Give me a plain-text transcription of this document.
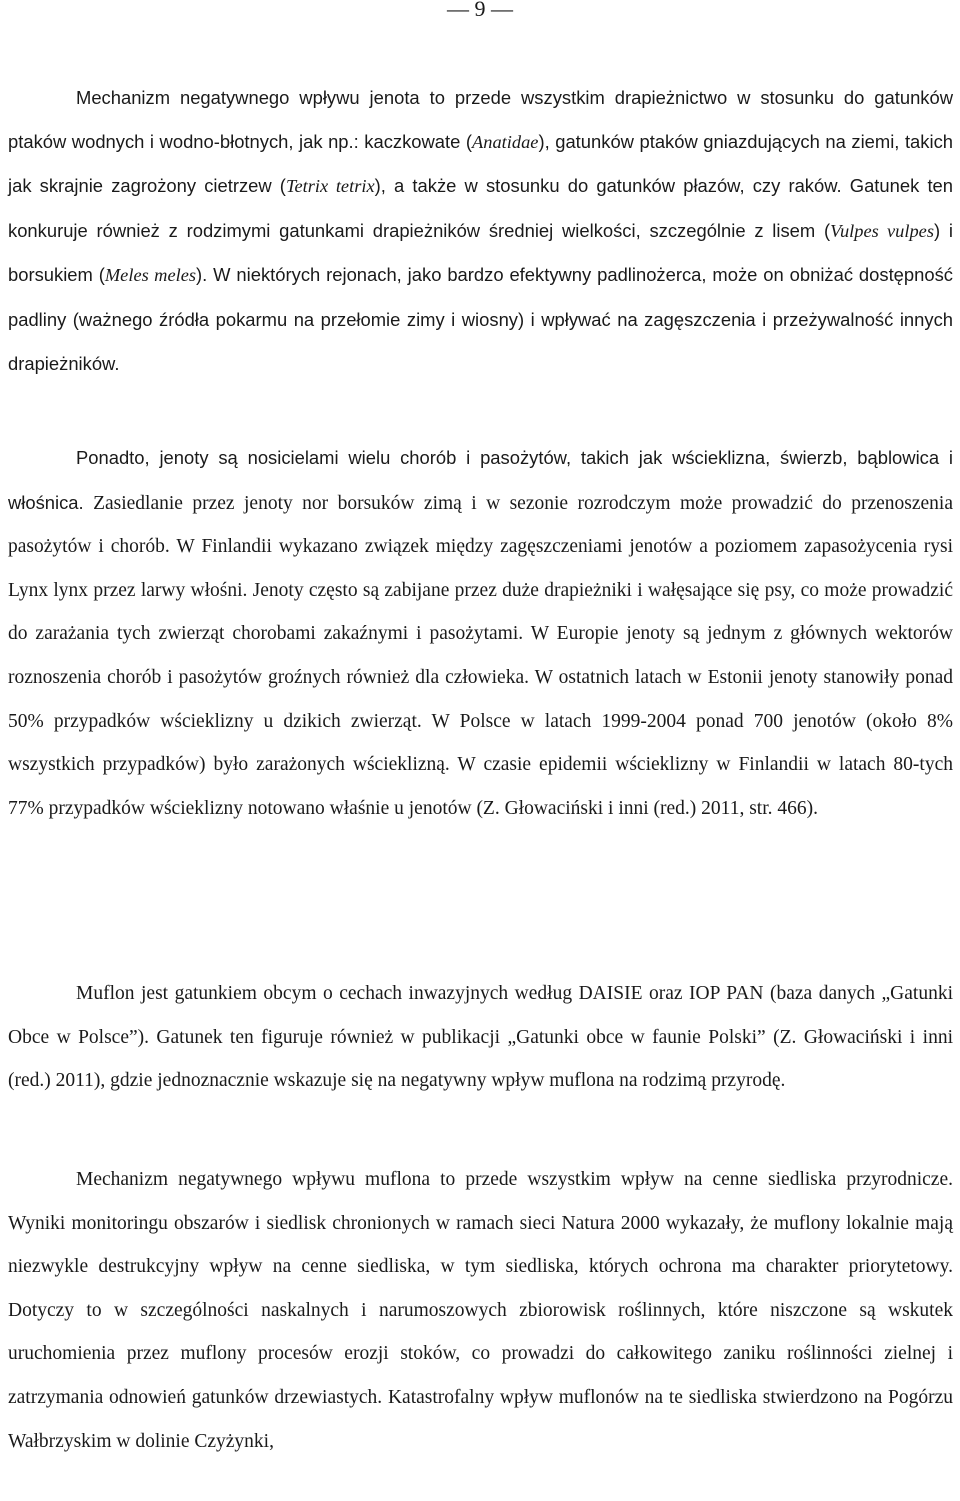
— 9 —

Mechanizm negatywnego wpływu jenota to przede wszystkim drapieżnictwo w stosunku do gatunków ptaków wodnych i wodno-błotnych, jak np.: kaczkowate (Anatidae), gatunków ptaków gniazdujących na ziemi, takich jak skrajnie zagrożony cietrzew (Tetrix tetrix), a także w stosunku do gatunków płazów, czy raków. Gatunek ten konkuruje również z rodzimymi gatunkami drapieżników średniej wielkości, szczególnie z lisem (Vulpes vulpes) i borsukiem (Meles meles). W niektórych rejonach, jako bardzo efektywny padlinożerca, może on obniżać dostępność padliny (ważnego źródła pokarmu na przełomie zimy i wiosny) i wpływać na zagęszczenia i przeżywalność innych drapieżników.

Ponadto, jenoty są nosicielami wielu chorób i pasożytów, takich jak wścieklizna, świerzb, bąblowica i włośnica. Zasiedlanie przez jenoty nor borsuków zimą i w sezonie rozrodczym może prowadzić do przenoszenia pasożytów i chorób. W Finlandii wykazano związek między zagęszczeniami jenotów a poziomem zapasożycenia rysi Lynx lynx przez larwy włośni. Jenoty często są zabijane przez duże drapieżniki i wałęsające się psy, co może prowadzić do zarażania tych zwierząt chorobami zakaźnymi i pasożytami. W Europie jenoty są jednym z głównych wektorów roznoszenia chorób i pasożytów groźnych również dla człowieka. W ostatnich latach w Estonii jenoty stanowiły ponad 50% przypadków wścieklizny u dzikich zwierząt. W Polsce w latach 1999-2004 ponad 700 jenotów (około 8% wszystkich przypadków) było zarażonych wścieklizną. W czasie epidemii wścieklizny w Finlandii w latach 80-tych 77% przypadków wścieklizny notowano właśnie u jenotów (Z. Głowaciński i inni (red.) 2011, str. 466).

Muflon jest gatunkiem obcym o cechach inwazyjnych według DAISIE oraz IOP PAN (baza danych „Gatunki Obce w Polsce”). Gatunek ten figuruje również w publikacji „Gatunki obce w faunie Polski” (Z. Głowaciński i inni (red.) 2011), gdzie jednoznacznie wskazuje się na negatywny wpływ muflona na rodzimą przyrodę.

Mechanizm negatywnego wpływu muflona to przede wszystkim wpływ na cenne siedliska przyrodnicze. Wyniki monitoringu obszarów i siedlisk chronionych w ramach sieci Natura 2000 wykazały, że muflony lokalnie mają niezwykle destrukcyjny wpływ na cenne siedliska, w tym siedliska, których ochrona ma charakter priorytetowy. Dotyczy to w szczególności naskalnych i narumoszowych zbiorowisk roślinnych, które niszczone są wskutek uruchomienia przez muflony procesów erozji stoków, co prowadzi do całkowitego zaniku roślinności zielnej i zatrzymania odnowień gatunków drzewiastych. Katastrofalny wpływ muflonów na te siedliska stwierdzono na Pogórzu Wałbrzyskim w dolinie Czyżynki,
